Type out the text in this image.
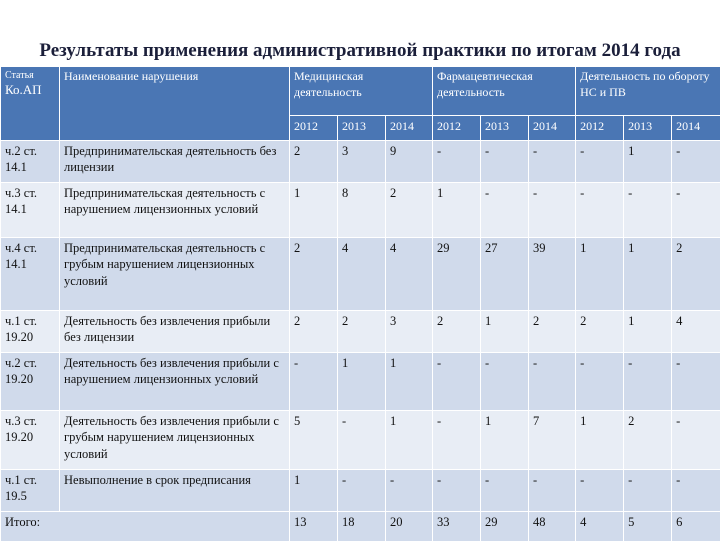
Результаты применения административной практики по итогам 2014 года
Статья
Ко.АП	Наименование нарушения	Медицинская деятельность			Фармацевтическая деятельность			Деятельность по обороту НС и ПВ		
		2012	2013	2014	2012	2013	2014	2012	2013	2014
ч.2 ст. 14.1	Предпринимательская деятельность без лицензии	2	3	9	-	-	-	-	1	-
ч.3 ст. 14.1	Предпринимательская деятельность с нарушением лицензионных условий	1	8	2	1	-	-	-	-	-
ч.4 ст. 14.1	Предпринимательская деятельность с грубым нарушением лицензионных условий	2	4	4	29	27	39	1	1	2
ч.1 ст. 19.20	Деятельность без извлечения прибыли без лицензии	2	2	3	2	1	2	2	1	4
ч.2 ст. 19.20	Деятельность без извлечения прибыли с нарушением лицензионных условий	-	1	1	-	-	-	-	-	-
ч.3 ст. 19.20	Деятельность без извлечения прибыли с грубым нарушением лицензионных условий	5	-	1	-	1	7	1	2	-
ч.1 ст. 19.5	Невыполнение в срок предписания	1	-	-	-	-	-	-	-	-
Итого:		13	18	20	33	29	48	4	5	6
